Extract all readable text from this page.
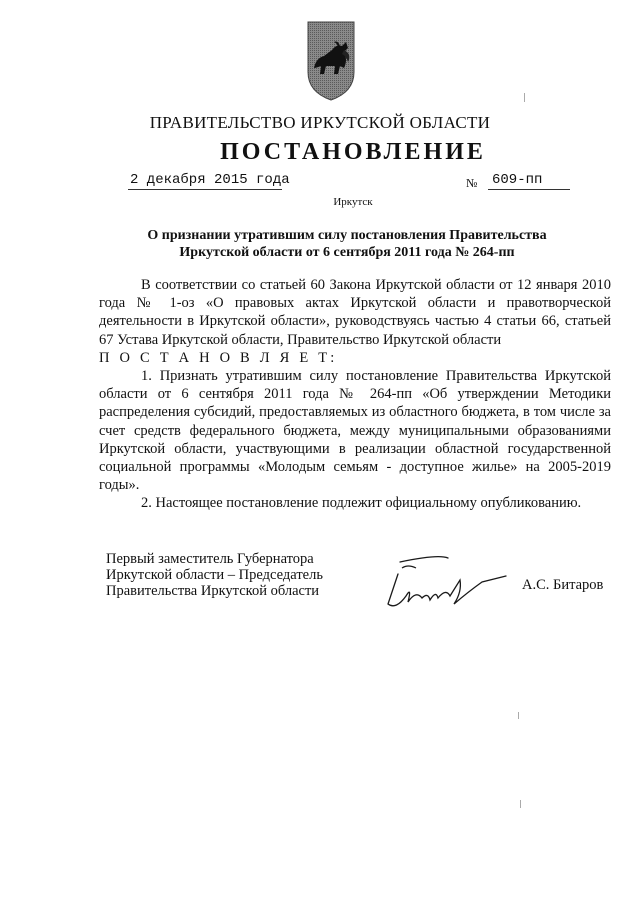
ПРАВИТЕЛЬСТВО ИРКУТСКОЙ ОБЛАСТИ
ПОСТАНОВЛЕНИЕ
2 декабря 2015 года	№ 609-пп
Иркутск
О признании утратившим силу постановления Правительства
Иркутской области от 6 сентября 2011 года № 264-пп

В соответствии со статьей 60 Закона Иркутской области от 12 января 2010 года № 1-оз «О правовых актах Иркутской области и правотворческой деятельности в Иркутской области», руководствуясь частью 4 статьи 66, статьей 67 Устава Иркутской области, Правительство Иркутской области

П О С Т А Н О В Л Я Е Т:

1. Признать утратившим силу постановление Правительства Иркутской области от 6 сентября 2011 года № 264-пп «Об утверждении Методики распределения субсидий, предоставляемых из областного бюджета, в том числе за счет средств федерального бюджета, между муниципальными образованиями Иркутской области, участвующими в реализации областной государственной социальной программы «Молодым семьям - доступное жилье» на 2005-2019 годы».

2. Настоящее постановление подлежит официальному опубликованию.

Первый заместитель Губернатора
Иркутской области – Председатель
Правительства Иркутской области	А.С. Битаров
